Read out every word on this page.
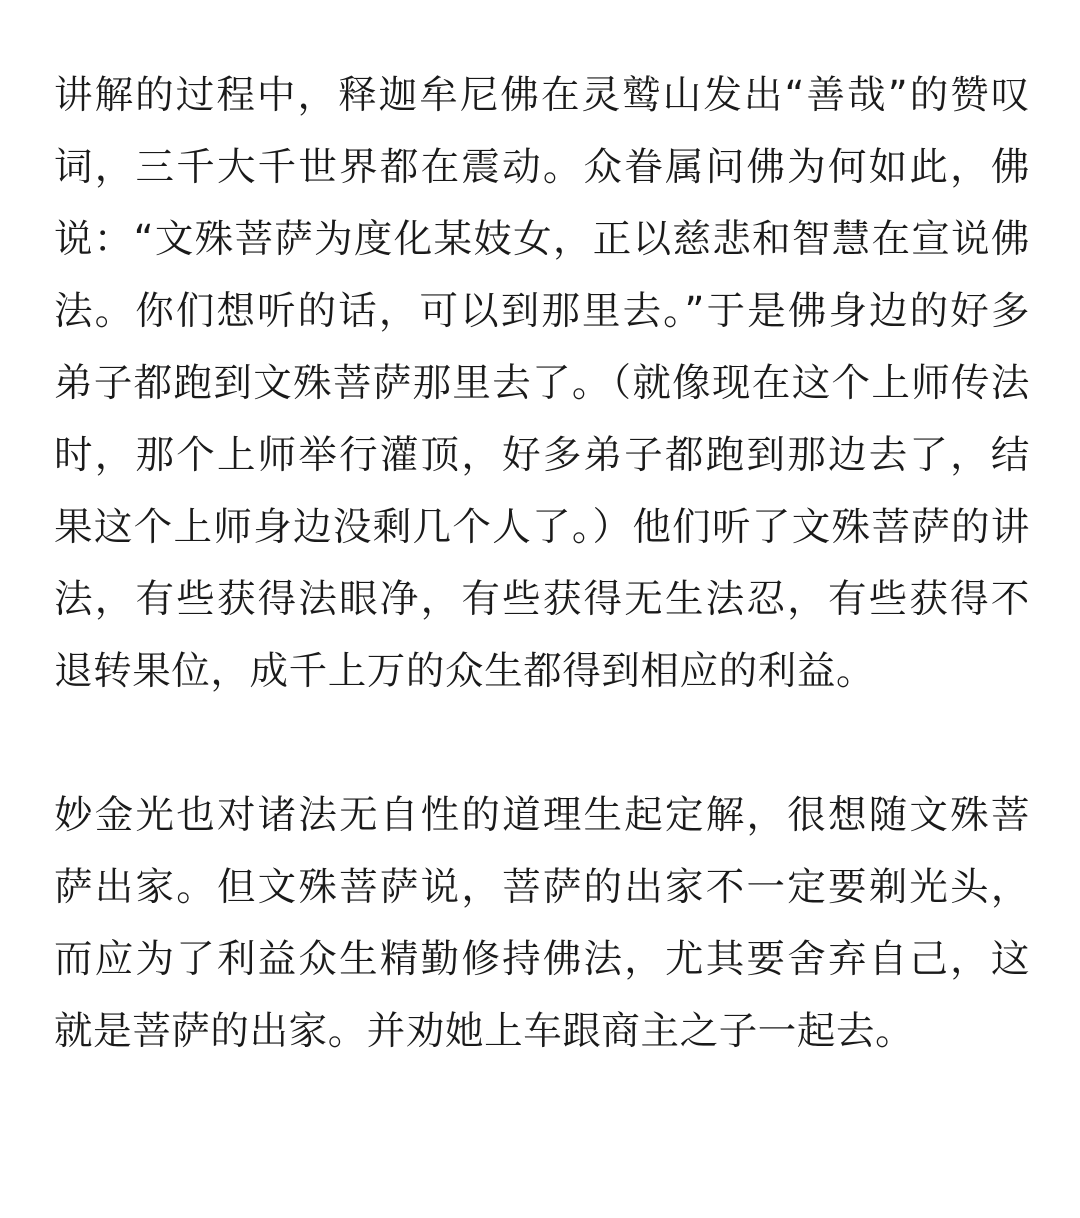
讲解的过程中，释迦牟尼佛在灵鹫山发出“善哉”的赞叹词，三千大千世界都在震动。众眷属问佛为何如此，佛说：“文殊菩萨为度化某妓女，正以慈悲和智慧在宣说佛法。你们想听的话，可以到那里去。”于是佛身边的好多弟子都跑到文殊菩萨那里去了。（就像现在这个上师传法时，那个上师举行灌顶，好多弟子都跑到那边去了，结果这个上师身边没剩几个人了。）他们听了文殊菩萨的讲法，有些获得法眼净，有些获得无生法忍，有些获得不退转果位，成千上万的众生都得到相应的利益。

妙金光也对诸法无自性的道理生起定解，很想随文殊菩萨出家。但文殊菩萨说，菩萨的出家不一定要剃光头，而应为了利益众生精勤修持佛法，尤其要舍弃自己，这就是菩萨的出家。并劝她上车跟商主之子一起去。
